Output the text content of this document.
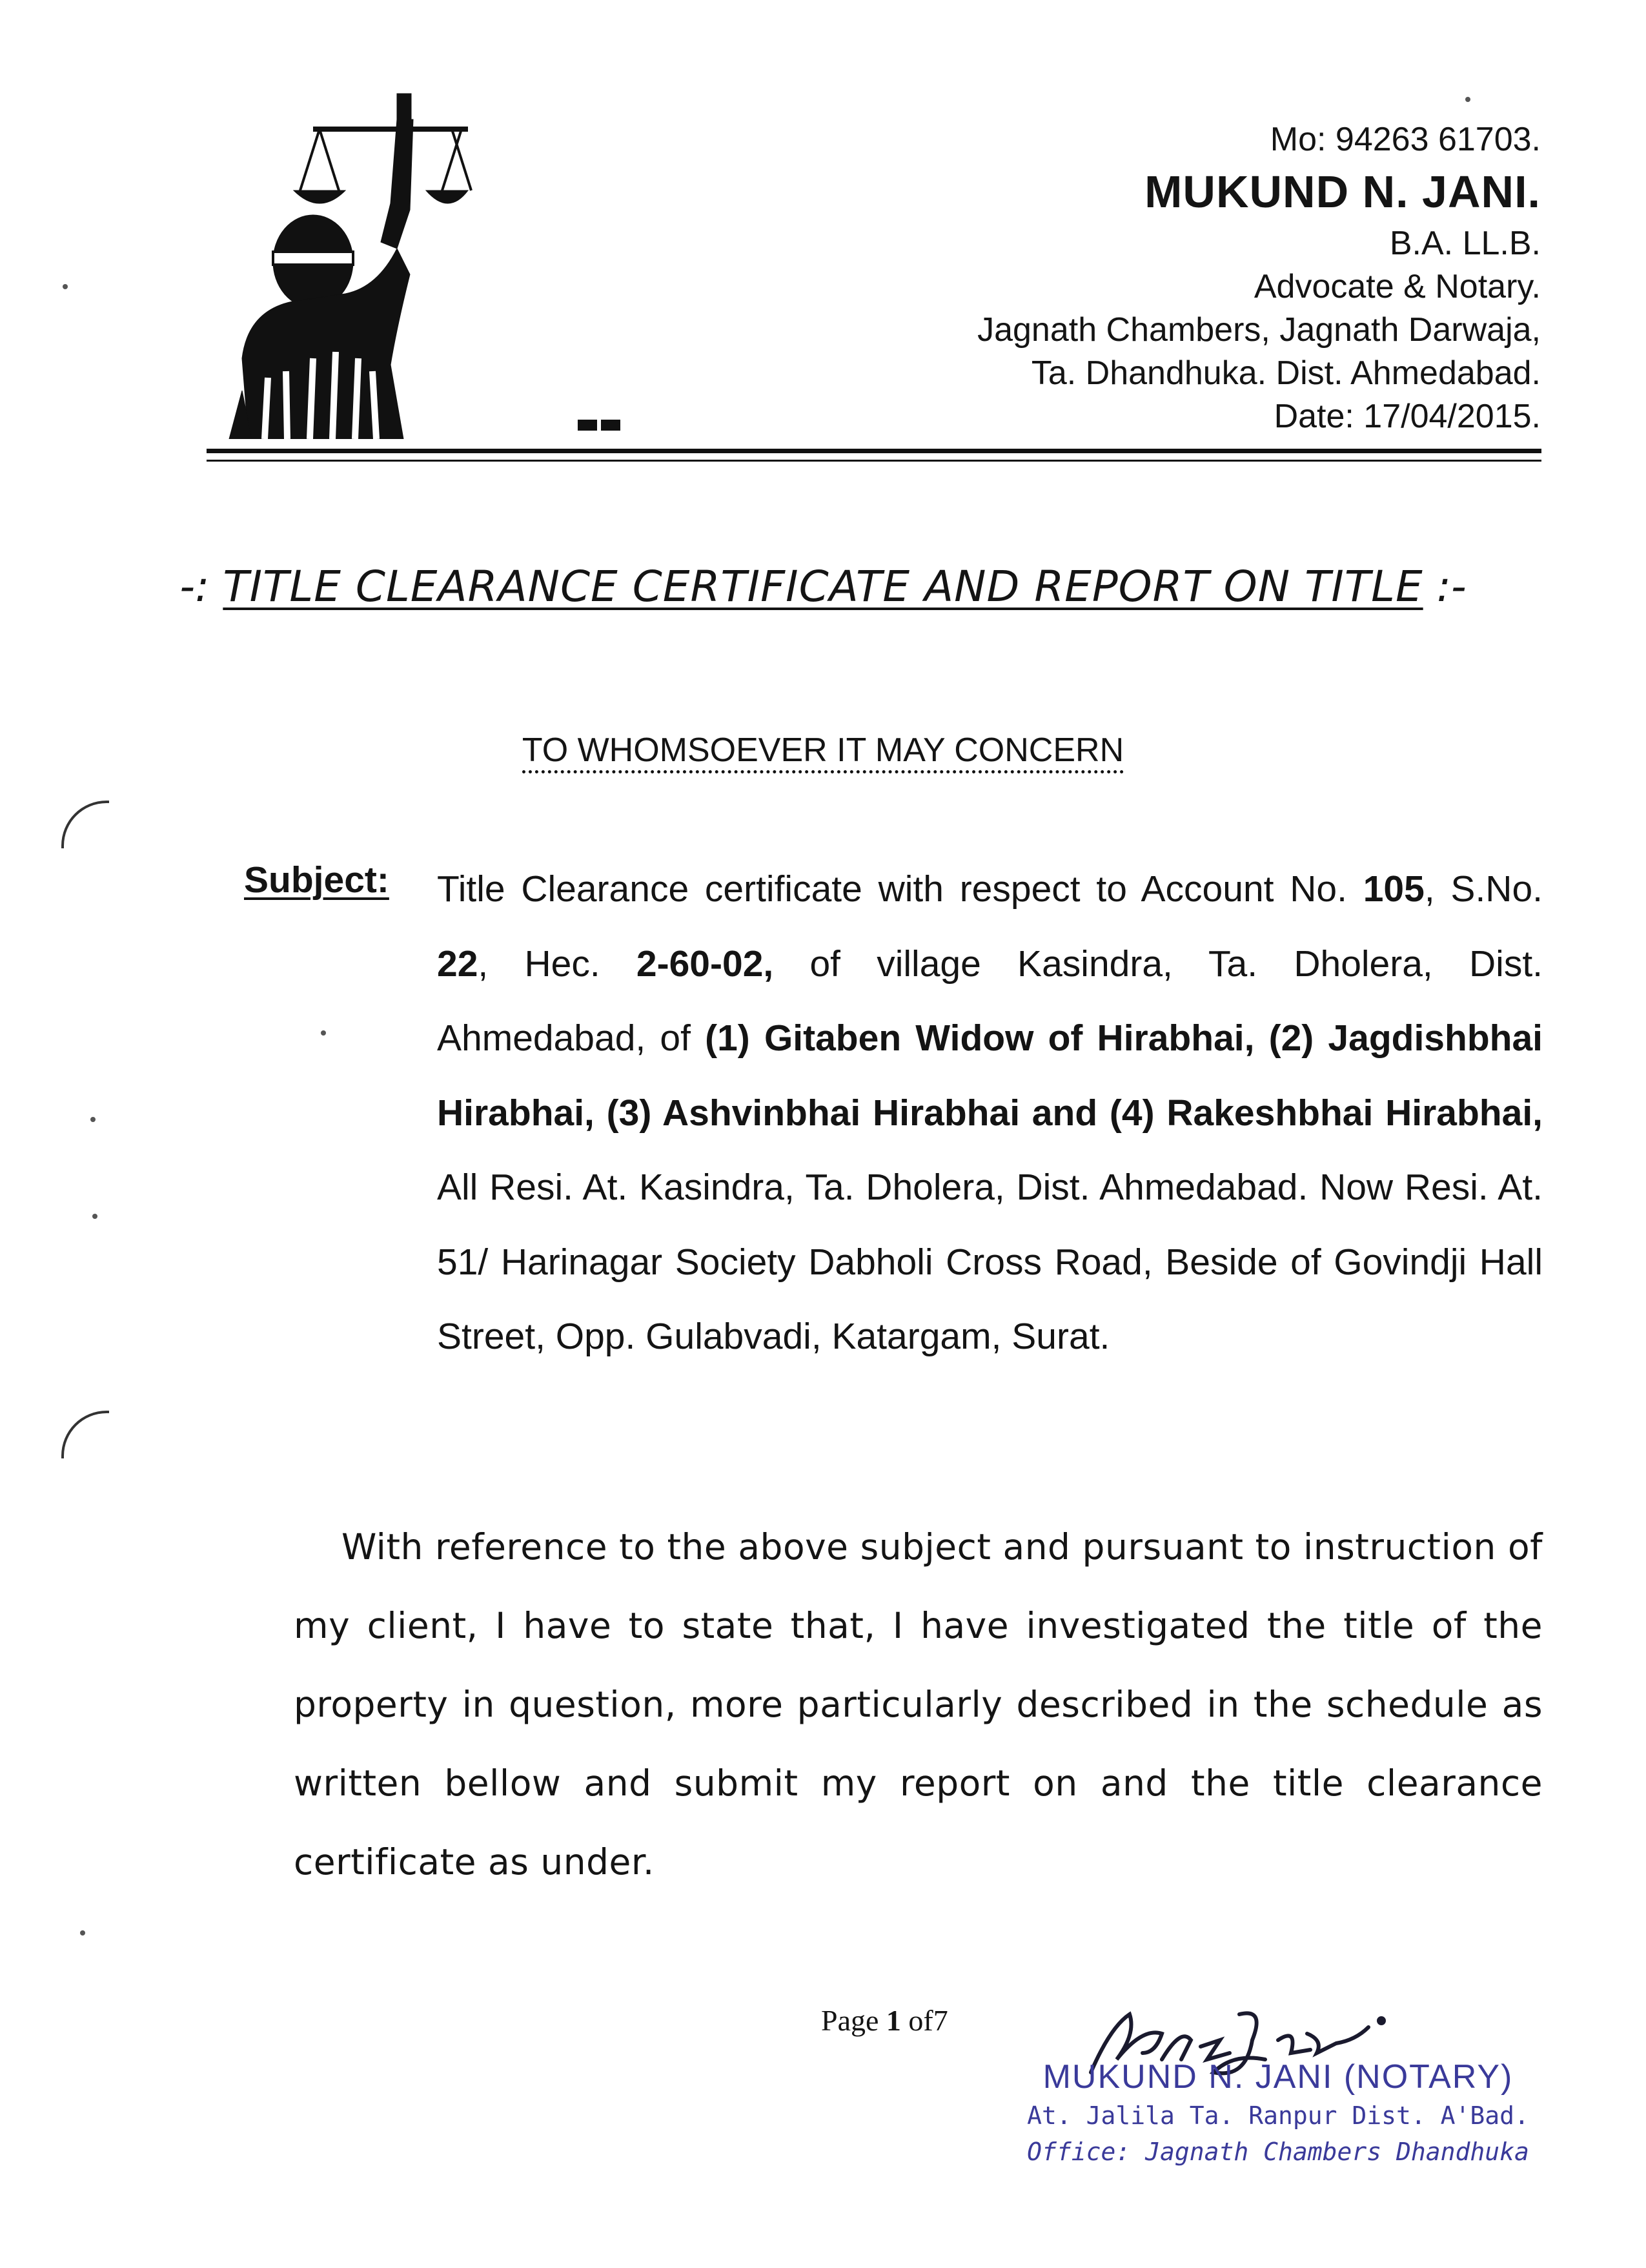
Mo: 94263 61703.
MUKUND N. JANI.
B.A. LL.B.
Advocate & Notary.
Jagnath Chambers, Jagnath Darwaja,
Ta. Dhandhuka. Dist. Ahmedabad.
Date: 17/04/2015.
-: TITLE CLEARANCE CERTIFICATE AND REPORT ON TITLE :-
TO WHOMSOEVER IT MAY CONCERN
Subject: Title Clearance certificate with respect to Account No. 105, S.No. 22, Hec. 2-60-02, of village Kasindra, Ta. Dholera, Dist. Ahmedabad, of (1) Gitaben Widow of Hirabhai, (2) Jagdishbhai Hirabhai, (3) Ashvinbhai Hirabhai and (4) Rakeshbhai Hirabhai, All Resi. At. Kasindra, Ta. Dholera, Dist. Ahmedabad. Now Resi. At. 51/ Harinagar Society Dabholi Cross Road, Beside of Govindji Hall Street, Opp. Gulabvadi, Katargam, Surat.
With reference to the above subject and pursuant to instruction of my client, I have to state that, I have investigated the title of the property in question, more particularly described in the schedule as written bellow and submit my report on and the title clearance certificate as under.
Page 1 of7
MUKUND N. JANI (NOTARY)
At. Jalila Ta. Ranpur Dist. A'Bad.
Office: Jagnath Chambers Dhandhuka
